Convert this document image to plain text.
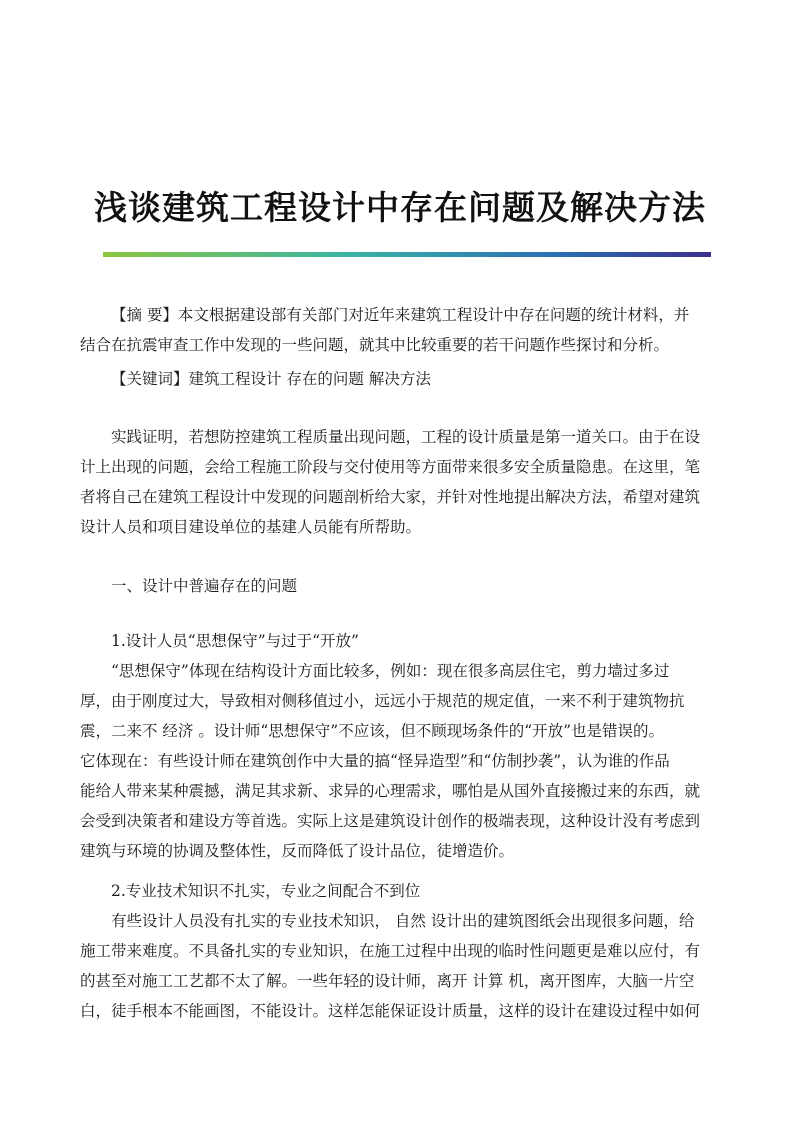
浅谈建筑工程设计中存在问题及解决方法
【摘 要】本文根据建设部有关部门对近年来建筑工程设计中存在问题的统计材料，并
结合在抗震审查工作中发现的一些问题，就其中比较重要的若干问题作些探讨和分析。
【关键词】建筑工程设计 存在的问题 解决方法
实践证明，若想防控建筑工程质量出现问题，工程的设计质量是第一道关口。由于在设
计上出现的问题，会给工程施工阶段与交付使用等方面带来很多安全质量隐患。在这里，笔
者将自己在建筑工程设计中发现的问题剖析给大家，并针对性地提出解决方法，希望对建筑
设计人员和项目建设单位的基建人员能有所帮助。
一、设计中普遍存在的问题
1.设计人员“思想保守”与过于“开放”
“思想保守”体现在结构设计方面比较多，例如：现在很多高层住宅，剪力墙过多过
厚，由于刚度过大，导致相对侧移值过小，远远小于规范的规定值，一来不利于建筑物抗
震，二来不 经济 。设计师“思想保守”不应该，但不顾现场条件的“开放”也是错误的。
它体现在：有些设计师在建筑创作中大量的搞“怪异造型”和“仿制抄袭”，认为谁的作品
能给人带来某种震撼，满足其求新、求异的心理需求，哪怕是从国外直接搬过来的东西，就
会受到决策者和建设方等首选。实际上这是建筑设计创作的极端表现，这种设计没有考虑到
建筑与环境的协调及整体性，反而降低了设计品位，徒增造价。
2.专业技术知识不扎实，专业之间配合不到位
有些设计人员没有扎实的专业技术知识， 自然 设计出的建筑图纸会出现很多问题，给
施工带来难度。不具备扎实的专业知识，在施工过程中出现的临时性问题更是难以应付，有
的甚至对施工工艺都不太了解。一些年轻的设计师，离开 计算 机，离开图库，大脑一片空
白，徒手根本不能画图，不能设计。这样怎能保证设计质量，这样的设计在建设过程中如何
